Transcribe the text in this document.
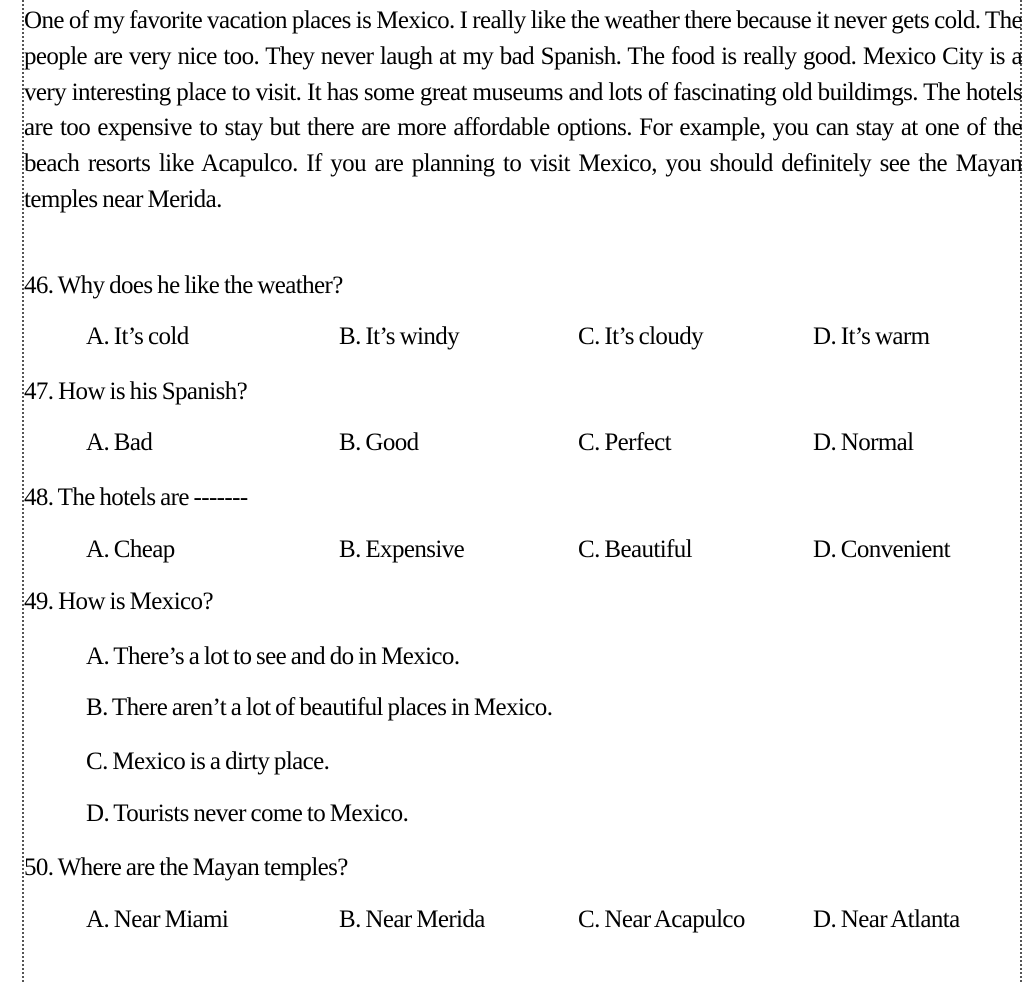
One of my favorite vacation places is Mexico. I really like the weather there because it never gets cold. The people are very nice too. They never laugh at my bad Spanish. The food is really good. Mexico City is a very interesting place to visit. It has some great museums and lots of fascinating old buildimgs. The hotels are too expensive to stay but there are more affordable options. For example, you can stay at one of the beach resorts like Acapulco. If you are planning to visit Mexico, you should definitely see the Mayan temples near Merida.
46. Why does he like the weather?
A. It’s cold	B. It’s windy	C. It’s cloudy	D. It’s warm
47. How is his Spanish?
A. Bad	B. Good	C. Perfect	D. Normal
48. The hotels are -------
A. Cheap	B. Expensive	C. Beautiful	D. Convenient
49. How is Mexico?
A. There’s a lot to see and do in Mexico.
B. There aren’t a lot of beautiful places in Mexico.
C. Mexico is a dirty place.
D. Tourists never come to Mexico.
50. Where are the Mayan temples?
A. Near Miami	B. Near Merida	C. Near Acapulco	D. Near Atlanta
